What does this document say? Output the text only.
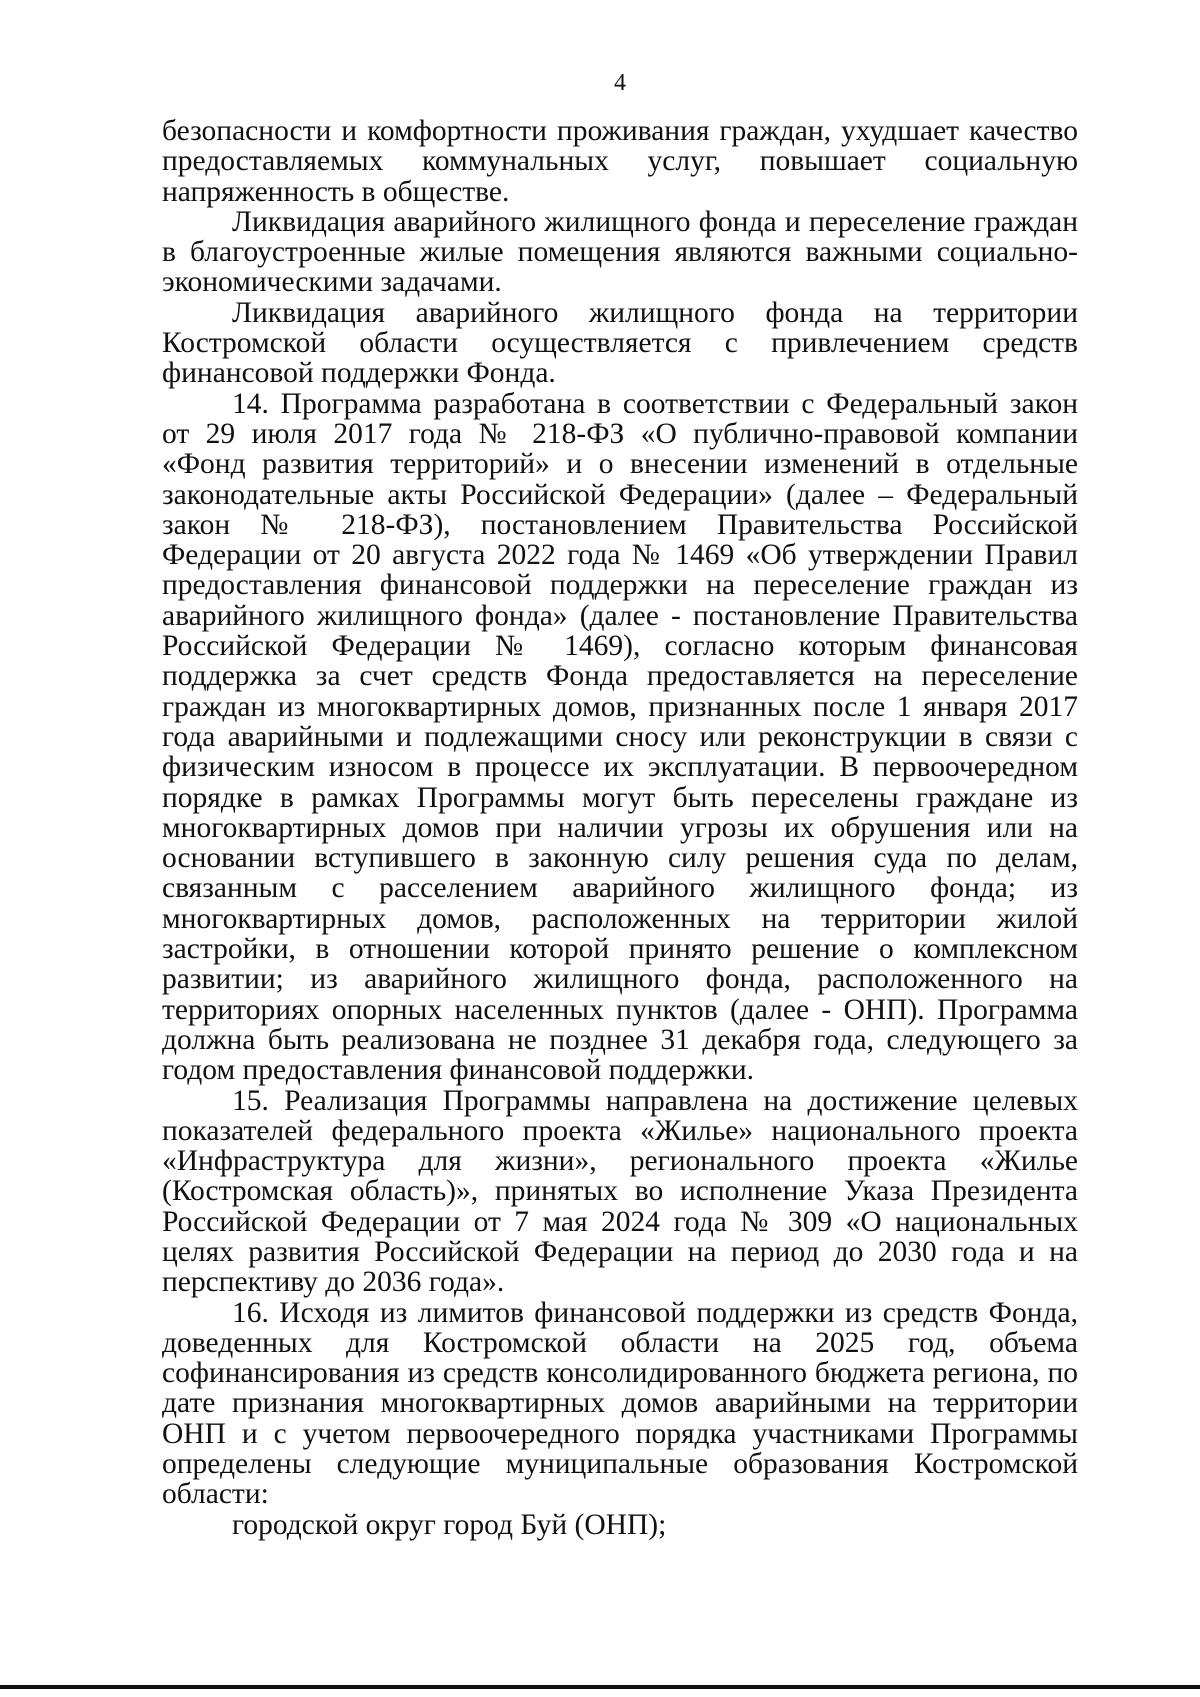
4

безопасности и комфортности проживания граждан, ухудшает качество предоставляемых коммунальных услуг, повышает социальную напряженность в обществе.

Ликвидация аварийного жилищного фонда и переселение граждан в благоустроенные жилые помещения являются важными социально-экономическими задачами.

Ликвидация аварийного жилищного фонда на территории Костромской области осуществляется с привлечением средств финансовой поддержки Фонда.

14. Программа разработана в соответствии с Федеральный закон от 29 июля 2017 года № 218-ФЗ «О публично-правовой компании «Фонд развития территорий» и о внесении изменений в отдельные законодательные акты Российской Федерации» (далее – Федеральный закон № 218-ФЗ), постановлением Правительства Российской Федерации от 20 августа 2022 года № 1469 «Об утверждении Правил предоставления финансовой поддержки на переселение граждан из аварийного жилищного фонда» (далее - постановление Правительства Российской Федерации № 1469), согласно которым финансовая поддержка за счет средств Фонда предоставляется на переселение граждан из многоквартирных домов, признанных после 1 января 2017 года аварийными и подлежащими сносу или реконструкции в связи с физическим износом в процессе их эксплуатации. В первоочередном порядке в рамках Программы могут быть переселены граждане из многоквартирных домов при наличии угрозы их обрушения или на основании вступившего в законную силу решения суда по делам, связанным с расселением аварийного жилищного фонда; из многоквартирных домов, расположенных на территории жилой застройки, в отношении которой принято решение о комплексном развитии; из аварийного жилищного фонда, расположенного на территориях опорных населенных пунктов (далее - ОНП). Программа должна быть реализована не позднее 31 декабря года, следующего за годом предоставления финансовой поддержки.

15. Реализация Программы направлена на достижение целевых показателей федерального проекта «Жилье» национального проекта «Инфраструктура для жизни», регионального проекта «Жилье (Костромская область)», принятых во исполнение Указа Президента Российской Федерации от 7 мая 2024 года № 309 «О национальных целях развития Российской Федерации на период до 2030 года и на перспективу до 2036 года».

16. Исходя из лимитов финансовой поддержки из средств Фонда, доведенных для Костромской области на 2025 год, объема софинансирования из средств консолидированного бюджета региона, по дате признания многоквартирных домов аварийными на территории ОНП и с учетом первоочередного порядка участниками Программы определены следующие муниципальные образования Костромской области:

городской округ город Буй (ОНП);
